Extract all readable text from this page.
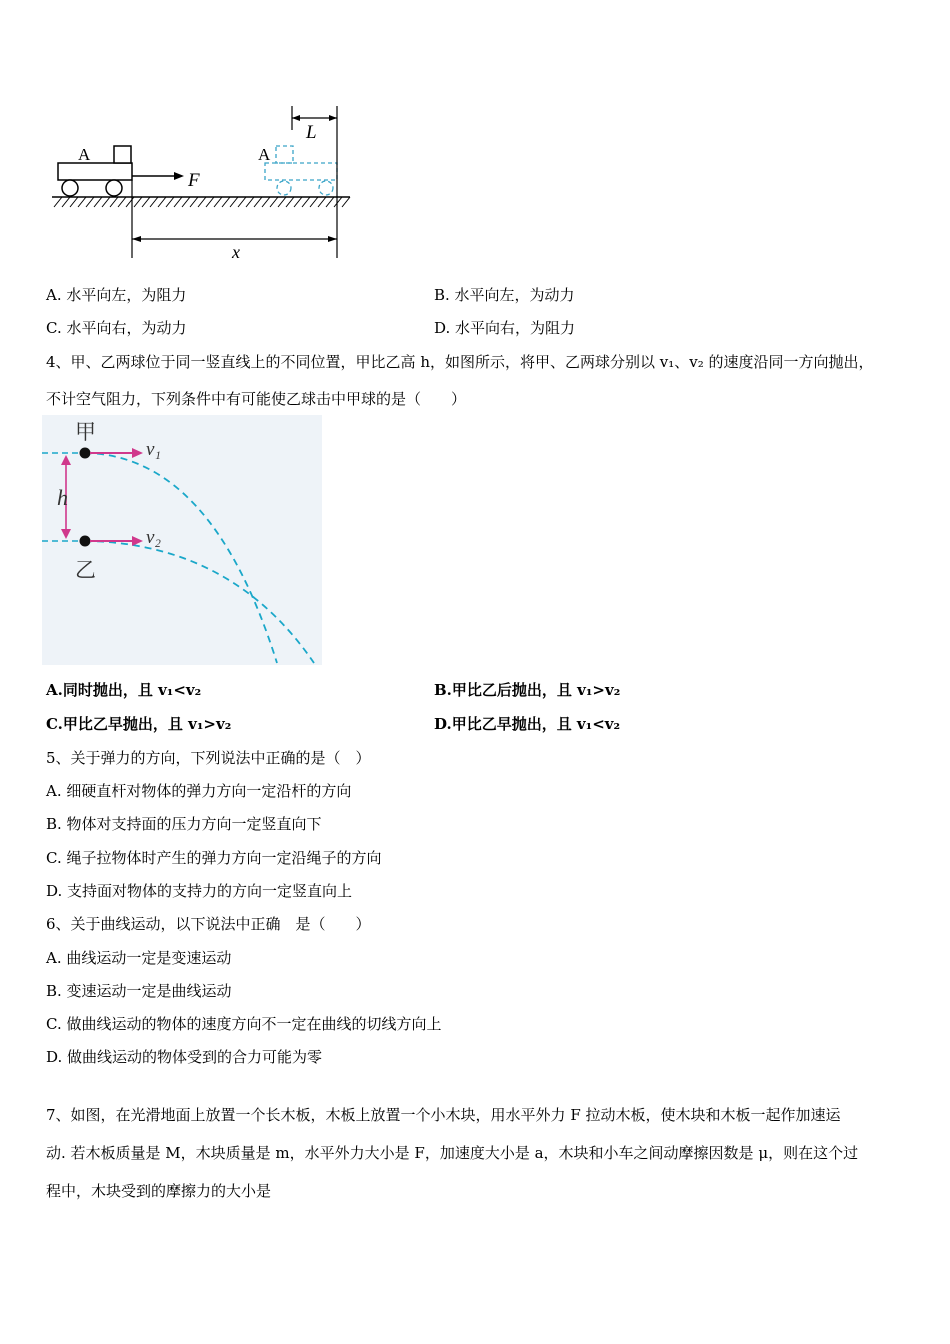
A
F
A
L
x
A. 水平向左，为阻力	B. 水平向左，为动力
C. 水平向右，为动力	D. 水平向右，为阻力
4、甲、乙两球位于同一竖直线上的不同位置，甲比乙高 h，如图所示，将甲、乙两球分别以 v₁、v₂ 的速度沿同一方向抛出，
不计空气阻力，下列条件中有可能使乙球击中甲球的是（　　）
h
v₁
v₂
甲
乙
A.同时抛出，且 v₁<v₂	B.甲比乙后抛出，且 v₁>v₂
C.甲比乙早抛出，且 v₁>v₂	D.甲比乙早抛出，且 v₁<v₂
5、关于弹力的方向，下列说法中正确的是（　）
A. 细硬直杆对物体的弹力方向一定沿杆的方向
B. 物体对支持面的压力方向一定竖直向下
C. 绳子拉物体时产生的弹力方向一定沿绳子的方向
D. 支持面对物体的支持力的方向一定竖直向上
6、关于曲线运动，以下说法中正确　是（　　）
A. 曲线运动一定是变速运动
B. 变速运动一定是曲线运动
C. 做曲线运动的物体的速度方向不一定在曲线的切线方向上
D. 做曲线运动的物体受到的合力可能为零
7、如图，在光滑地面上放置一个长木板，木板上放置一个小木块，用水平外力 F 拉动木板，使木块和木板一起作加速运
动. 若木板质量是 M，木块质量是 m，水平外力大小是 F，加速度大小是 a，木块和小车之间动摩擦因数是 μ，则在这个过
程中，木块受到的摩擦力的大小是
